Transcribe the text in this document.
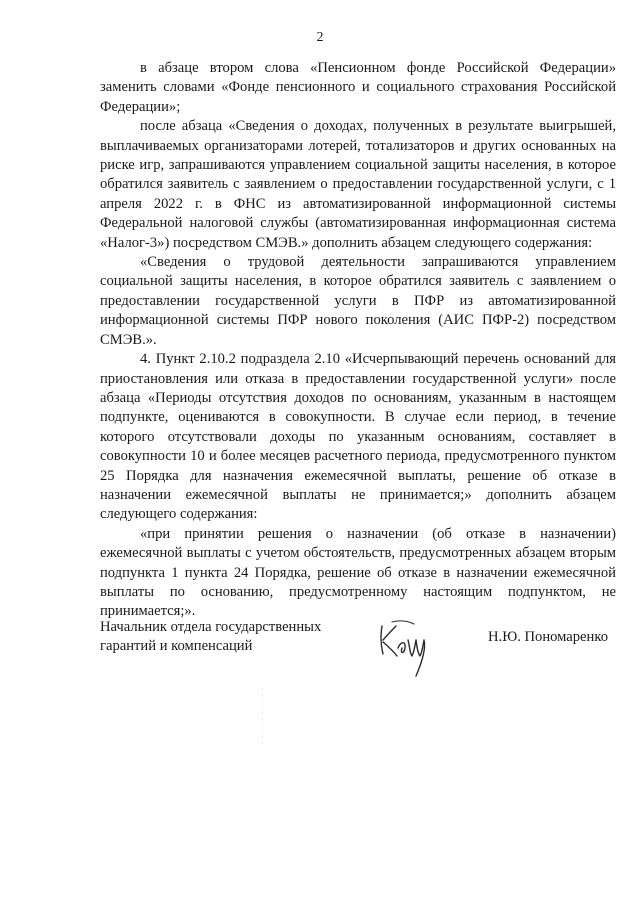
2

в абзаце втором слова «Пенсионном фонде Российской Федерации» заменить словами «Фонде пенсионного и социального страхования Российской Федерации»;

после абзаца «Сведения о доходах, полученных в результате выигрышей, выплачиваемых организаторами лотерей, тотализаторов и других основанных на риске игр, запрашиваются управлением социальной защиты населения, в которое обратился заявитель с заявлением о предоставлении государственной услуги, с 1 апреля 2022 г. в ФНС из автоматизированной информационной системы Федеральной налоговой службы (автоматизированная информационная система «Налог-3») посредством СМЭВ.» дополнить абзацем следующего содержания:

«Сведения о трудовой деятельности запрашиваются управлением социальной защиты населения, в которое обратился заявитель с заявлением о предоставлении государственной услуги в ПФР из автоматизированной информационной системы ПФР нового поколения (АИС ПФР-2) посредством СМЭВ.».

4. Пункт 2.10.2 подраздела 2.10 «Исчерпывающий перечень оснований для приостановления или отказа в предоставлении государственной услуги» после абзаца «Периоды отсутствия доходов по основаниям, указанным в настоящем подпункте, оцениваются в совокупности. В случае если период, в течение которого отсутствовали доходы по указанным основаниям, составляет в совокупности 10 и более месяцев расчетного периода, предусмотренного пунктом 25 Порядка для назначения ежемесячной выплаты, решение об отказе в назначении ежемесячной выплаты не принимается;» дополнить абзацем следующего содержания:

«при принятии решения о назначении (об отказе в назначении) ежемесячной выплаты с учетом обстоятельств, предусмотренных абзацем вторым подпункта 1 пункта 24 Порядка, решение об отказе в назначении ежемесячной выплаты по основанию, предусмотренному настоящим подпунктом, не принимается;».

Начальник отдела государственных
гарантий и компенсаций
Н.Ю. Пономаренко
